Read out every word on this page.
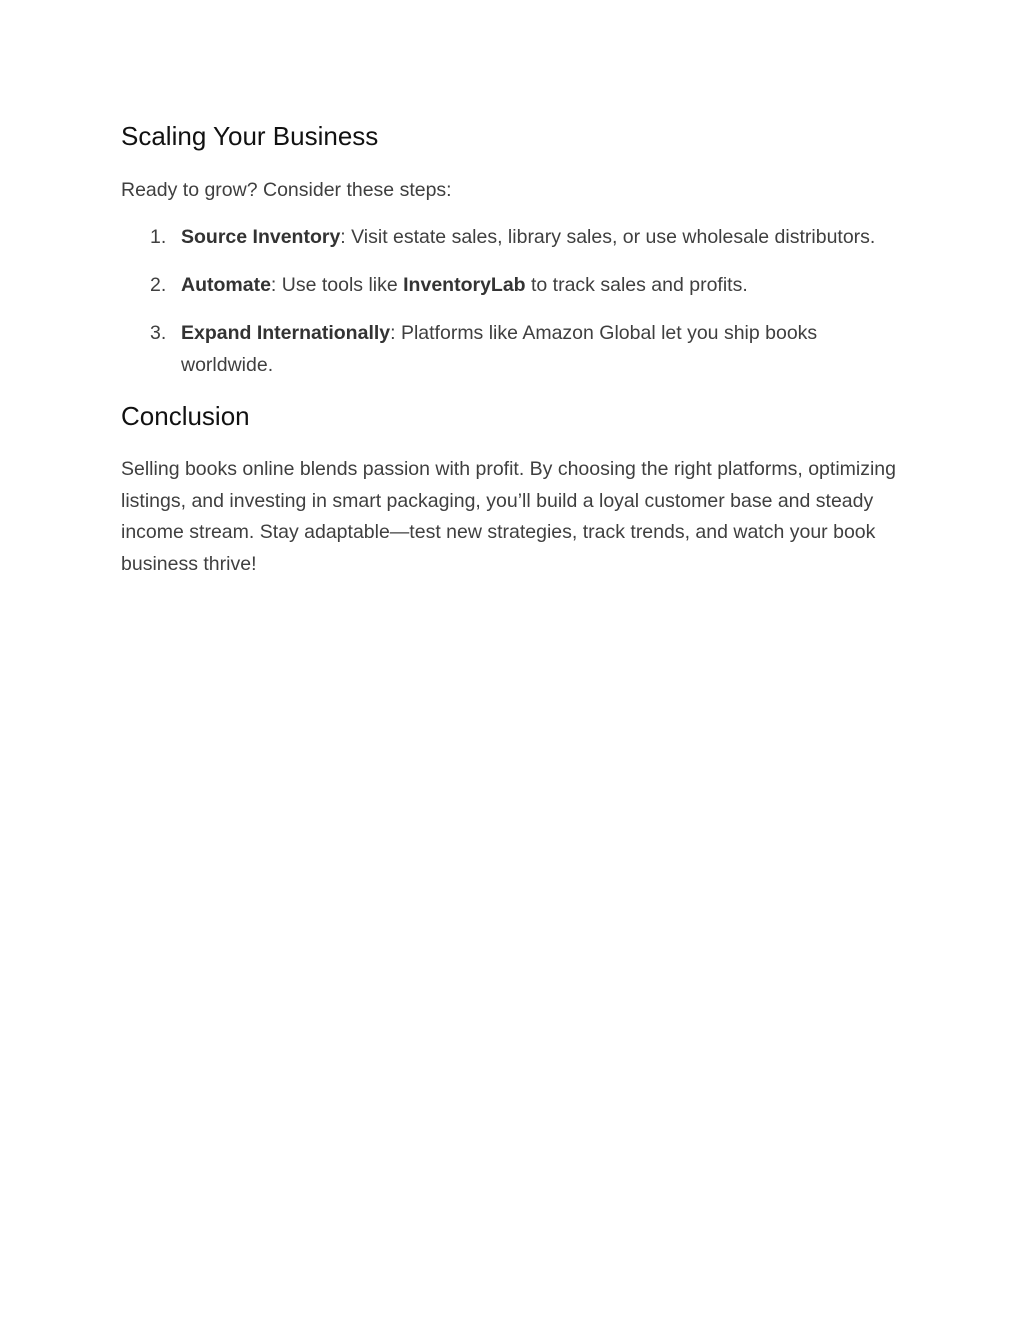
Scaling Your Business

Ready to grow? Consider these steps:

1. Source Inventory: Visit estate sales, library sales, or use wholesale distributors.
2. Automate: Use tools like InventoryLab to track sales and profits.
3. Expand Internationally: Platforms like Amazon Global let you ship books worldwide.
Conclusion

Selling books online blends passion with profit. By choosing the right platforms, optimizing listings, and investing in smart packaging, you’ll build a loyal customer base and steady income stream. Stay adaptable—test new strategies, track trends, and watch your book business thrive!
